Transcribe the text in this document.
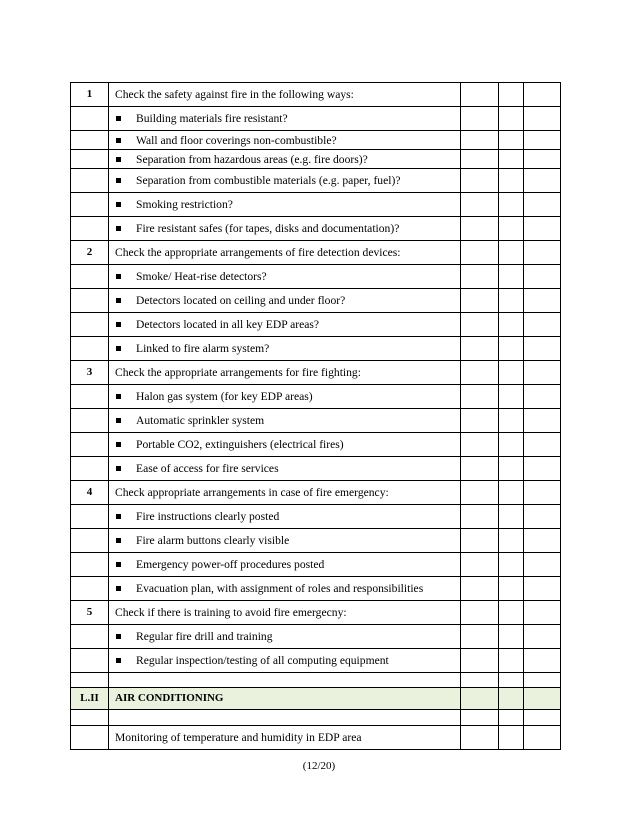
1	Check the safety against fire in the following ways:			

	Building materials fire resistant?			

	Wall and floor coverings non-combustible?			

	Separation from hazardous areas (e.g. fire doors)?			

	Separation from combustible materials (e.g. paper, fuel)?			

	Smoking restriction?			

	Fire resistant safes (for tapes, disks and documentation)?			

2	Check the appropriate arrangements of fire detection devices:			

	Smoke/ Heat-rise detectors?			

	Detectors located on ceiling and under floor?			

	Detectors located in all key EDP areas?			

	Linked to fire alarm system?			

3	Check the appropriate arrangements for fire fighting:			

	Halon gas system (for key EDP areas)			

	Automatic sprinkler system			

	Portable CO2, extinguishers (electrical fires)			

	Ease of access for fire services			

4	Check appropriate arrangements in case of fire emergency:			

	Fire instructions clearly posted			

	Fire alarm buttons clearly visible			

	Emergency power-off procedures posted			

	Evacuation plan, with assignment of roles and responsibilities			

5	Check if there is training to avoid fire emergecny:			

	Regular fire drill and training			

	Regular inspection/testing of all computing equipment			

L.II	AIR CONDITIONING			

	Monitoring of temperature and humidity in EDP area			
(12/20)
